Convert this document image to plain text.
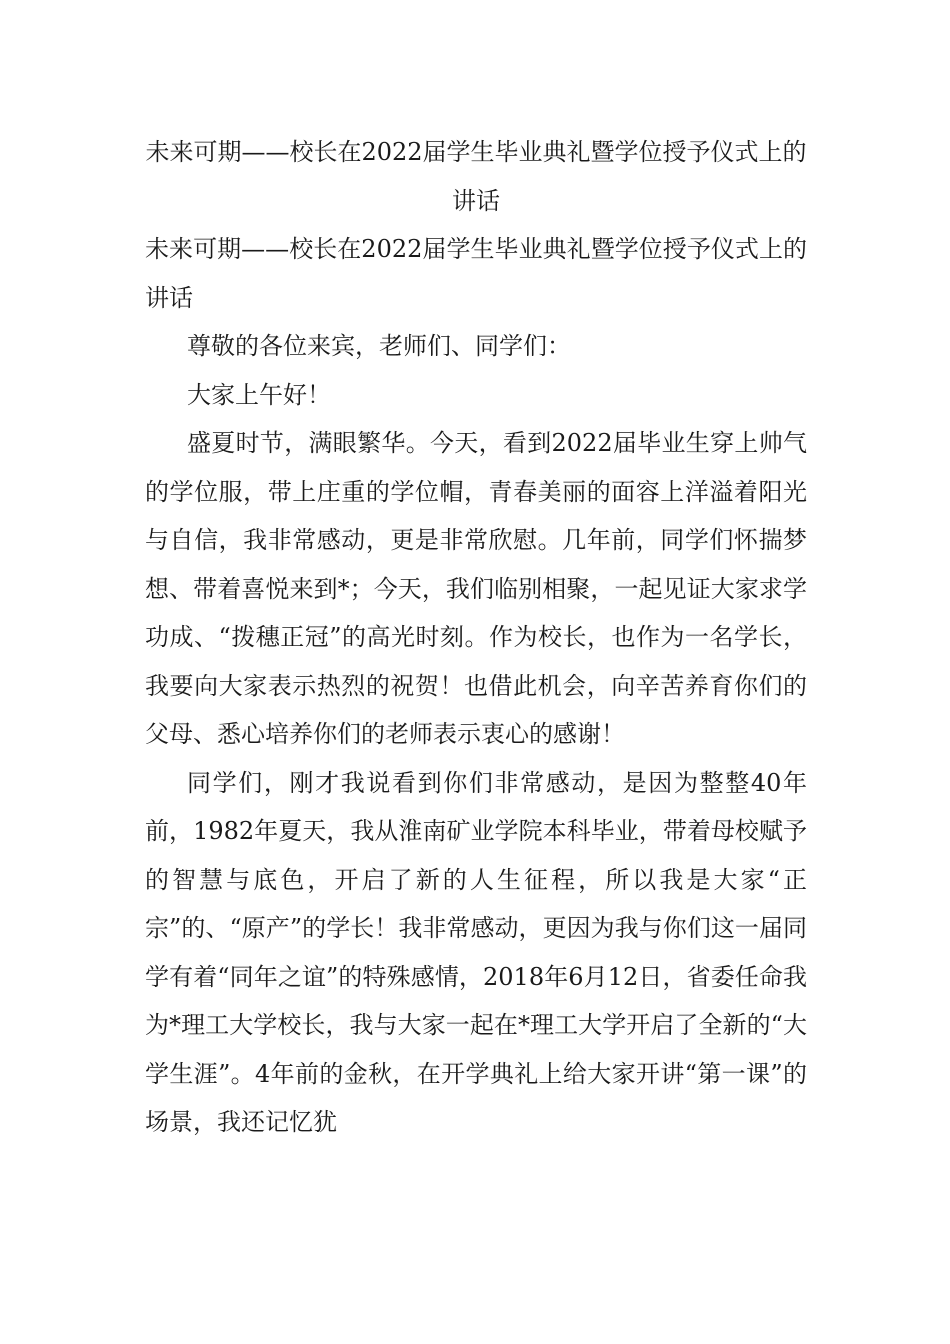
未来可期——校长在2022届学生毕业典礼暨学位授予仪式上的讲话

未来可期——校长在2022届学生毕业典礼暨学位授予仪式上的讲话

尊敬的各位来宾，老师们、同学们：

大家上午好！

盛夏时节，满眼繁华。今天，看到2022届毕业生穿上帅气的学位服，带上庄重的学位帽，青春美丽的面容上洋溢着阳光与自信，我非常感动，更是非常欣慰。几年前，同学们怀揣梦想、带着喜悦来到*；今天，我们临别相聚，一起见证大家求学功成、“拨穗正冠”的高光时刻。作为校长，也作为一名学长，我要向大家表示热烈的祝贺！也借此机会，向辛苦养育你们的父母、悉心培养你们的老师表示衷心的感谢！

同学们，刚才我说看到你们非常感动，是因为整整40年前，1982年夏天，我从淮南矿业学院本科毕业，带着母校赋予的智慧与底色，开启了新的人生征程，所以我是大家“正宗”的、“原产”的学长！我非常感动，更因为我与你们这一届同学有着“同年之谊”的特殊感情，2018年6月12日，省委任命我为*理工大学校长，我与大家一起在*理工大学开启了全新的“大学生涯”。4年前的金秋，在开学典礼上给大家开讲“第一课”的场景，我还记忆犹
